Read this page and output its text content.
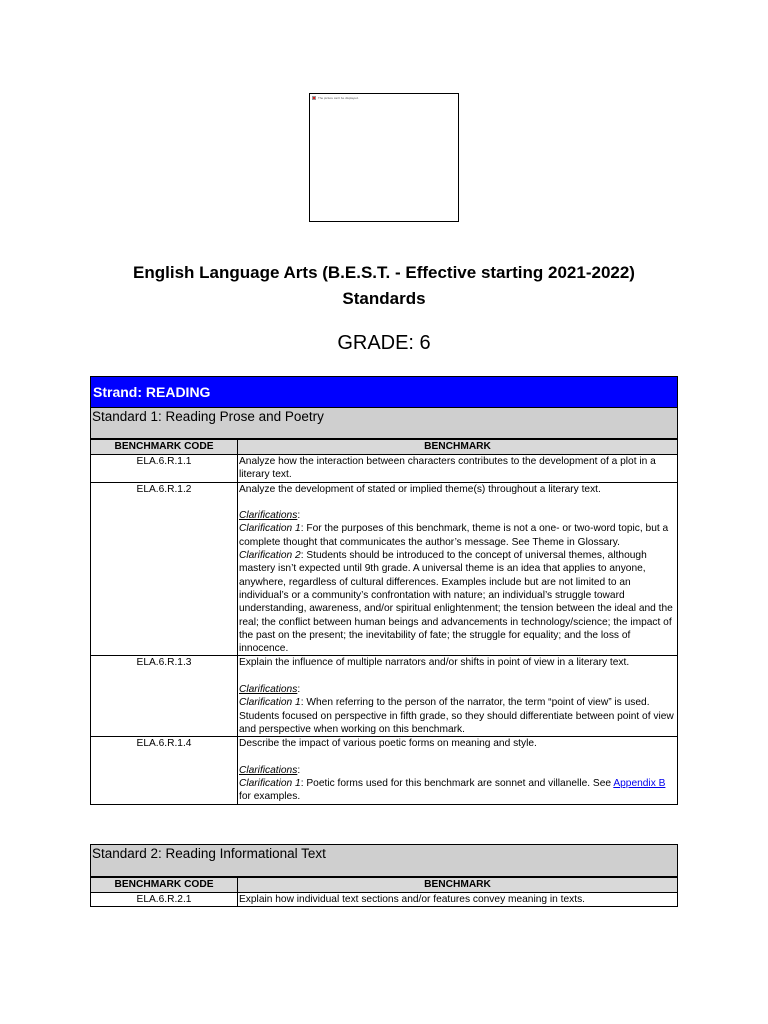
The picture can't be displayed.
English Language Arts (B.E.S.T. - Effective starting 2021-2022)
Standards
GRADE: 6
Strand: READING
Standard 1: Reading Prose and Poetry
BENCHMARK CODE	BENCHMARK
ELA.6.R.1.1	Analyze how the interaction between characters contributes to the development of a plot in a literary text.
ELA.6.R.1.2	Analyze the development of stated or implied theme(s) throughout a literary text.
Clarifications:
Clarification 1: For the purposes of this benchmark, theme is not a one- or two-word topic, but a complete thought that communicates the author’s message. See Theme in Glossary.
Clarification 2: Students should be introduced to the concept of universal themes, although mastery isn’t expected until 9th grade. A universal theme is an idea that applies to anyone, anywhere, regardless of cultural differences. Examples include but are not limited to an individual’s or a community’s confrontation with nature; an individual’s struggle toward understanding, awareness, and/or spiritual enlightenment; the tension between the ideal and the real; the conflict between human beings and advancements in technology/science; the impact of the past on the present; the inevitability of fate; the struggle for equality; and the loss of innocence.

ELA.6.R.1.3	Explain the influence of multiple narrators and/or shifts in point of view in a literary text.
Clarifications:
Clarification 1: When referring to the person of the narrator, the term “point of view” is used. Students focused on perspective in fifth grade, so they should differentiate between point of view and perspective when working on this benchmark.

ELA.6.R.1.4	Describe the impact of various poetic forms on meaning and style.
Clarifications:
Clarification 1: Poetic forms used for this benchmark are sonnet and villanelle. See Appendix B for examples.
Standard 2: Reading Informational Text
BENCHMARK CODE	BENCHMARK
ELA.6.R.2.1	Explain how individual text sections and/or features convey meaning in texts.
